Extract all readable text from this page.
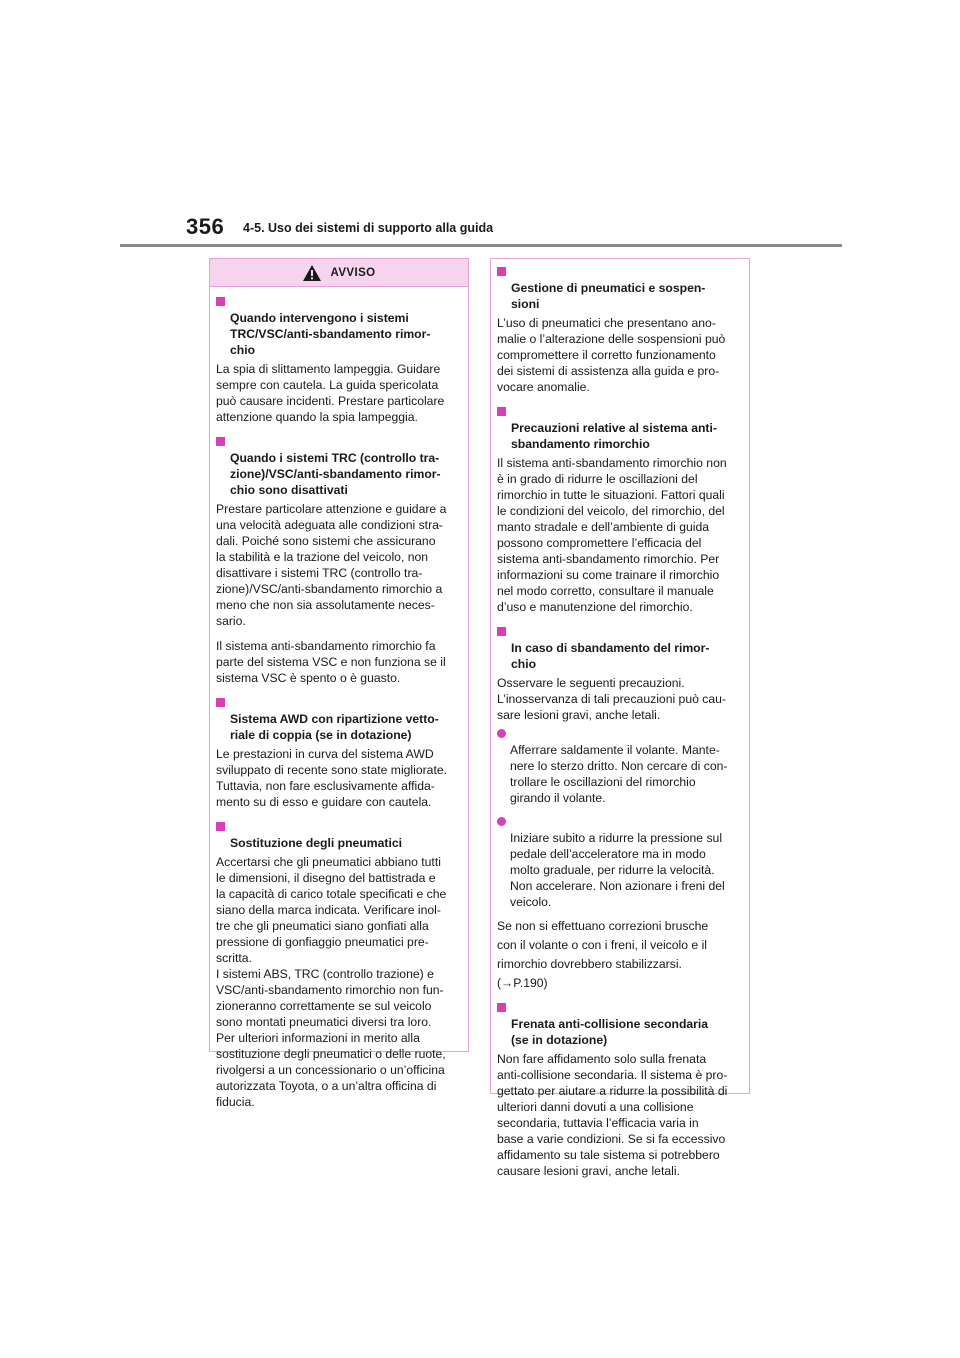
356 4-5. Uso dei sistemi di supporto alla guida
AVVISO

Quando intervengono i sistemi
TRC/VSC/anti-sbandamento rimor-
chio

La spia di slittamento lampeggia. Guidare
sempre con cautela. La guida spericolata
può causare incidenti. Prestare particolare
attenzione quando la spia lampeggia.

Quando i sistemi TRC (controllo tra-
zione)/VSC/anti-sbandamento rimor-
chio sono disattivati

Prestare particolare attenzione e guidare a
una velocità adeguata alle condizioni stra-
dali. Poiché sono sistemi che assicurano
la stabilità e la trazione del veicolo, non
disattivare i sistemi TRC (controllo tra-
zione)/VSC/anti-sbandamento rimorchio a
meno che non sia assolutamente neces-
sario.
Il sistema anti-sbandamento rimorchio fa
parte del sistema VSC e non funziona se il
sistema VSC è spento o è guasto.

Sistema AWD con ripartizione vetto-
riale di coppia (se in dotazione)

Le prestazioni in curva del sistema AWD
sviluppato di recente sono state migliorate.
Tuttavia, non fare esclusivamente affida-
mento su di esso e guidare con cautela.

Sostituzione degli pneumatici

Accertarsi che gli pneumatici abbiano tutti
le dimensioni, il disegno del battistrada e
la capacità di carico totale specificati e che
siano della marca indicata. Verificare inol-
tre che gli pneumatici siano gonfiati alla
pressione di gonfiaggio pneumatici pre-
scritta.
I sistemi ABS, TRC (controllo trazione) e
VSC/anti-sbandamento rimorchio non fun-
zioneranno correttamente se sul veicolo
sono montati pneumatici diversi tra loro.
Per ulteriori informazioni in merito alla
sostituzione degli pneumatici o delle ruote,
rivolgersi a un concessionario o un’officina
autorizzata Toyota, o a un’altra officina di
fiducia.

Gestione di pneumatici e sospen-
sioni

L’uso di pneumatici che presentano ano-
malie o l’alterazione delle sospensioni può
compromettere il corretto funzionamento
dei sistemi di assistenza alla guida e pro-
vocare anomalie.

Precauzioni relative al sistema anti-
sbandamento rimorchio

Il sistema anti-sbandamento rimorchio non
è in grado di ridurre le oscillazioni del
rimorchio in tutte le situazioni. Fattori quali
le condizioni del veicolo, del rimorchio, del
manto stradale e dell’ambiente di guida
possono compromettere l’efficacia del
sistema anti-sbandamento rimorchio. Per
informazioni su come trainare il rimorchio
nel modo corretto, consultare il manuale
d’uso e manutenzione del rimorchio.

In caso di sbandamento del rimor-
chio

Osservare le seguenti precauzioni.
L’inosservanza di tali precauzioni può cau-
sare lesioni gravi, anche letali.

Afferrare saldamente il volante. Mante-
nere lo sterzo dritto. Non cercare di con-
trollare le oscillazioni del rimorchio
girando il volante.

Iniziare subito a ridurre la pressione sul
pedale dell’acceleratore ma in modo
molto graduale, per ridurre la velocità.
Non accelerare. Non azionare i freni del
veicolo.

Se non si effettuano correzioni brusche
con il volante o con i freni, il veicolo e il
rimorchio dovrebbero stabilizzarsi.
(→P.190)

Frenata anti-collisione secondaria
(se in dotazione)

Non fare affidamento solo sulla frenata
anti-collisione secondaria. Il sistema è pro-
gettato per aiutare a ridurre la possibilità di
ulteriori danni dovuti a una collisione
secondaria, tuttavia l’efficacia varia in
base a varie condizioni. Se si fa eccessivo
affidamento su tale sistema si potrebbero
causare lesioni gravi, anche letali.
